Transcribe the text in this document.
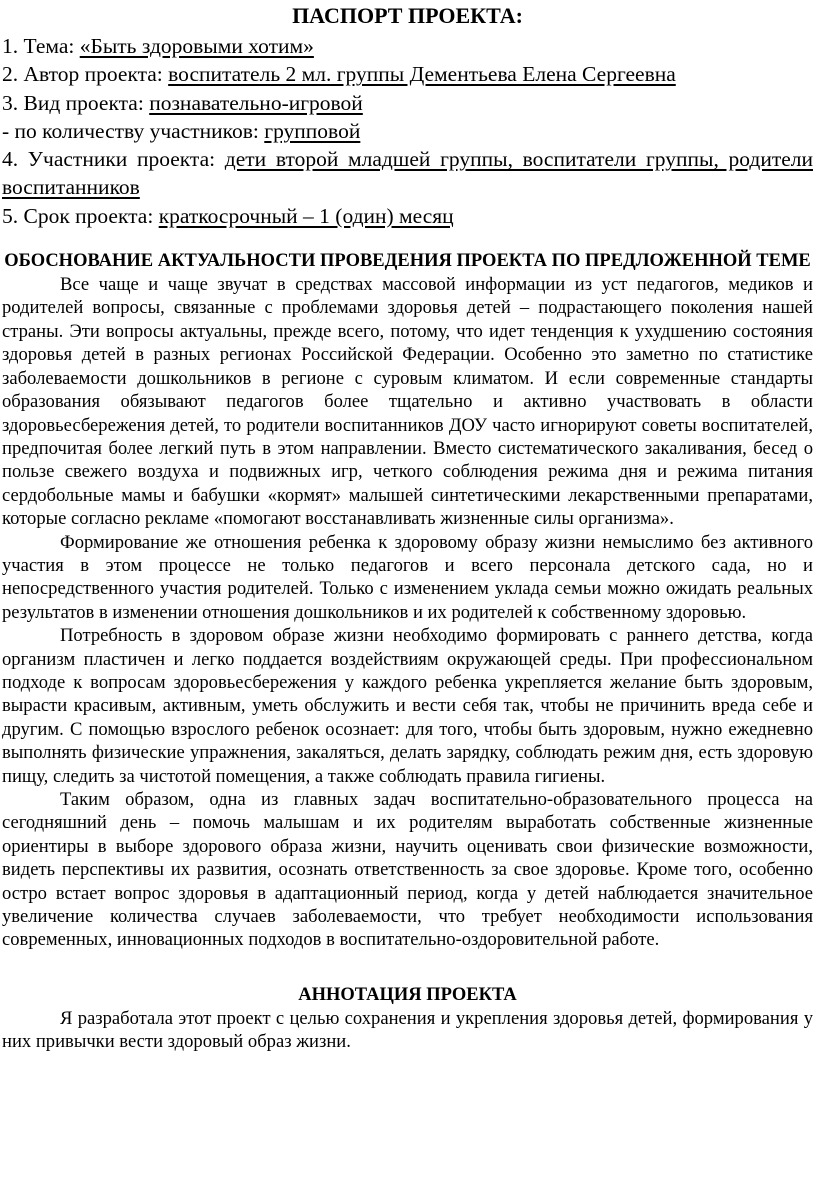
ПАСПОРТ ПРОЕКТА:

1. Тема: «Быть здоровыми хотим»

2. Автор проекта: воспитатель 2 мл. группы Дементьева Елена Сергеевна

3. Вид проекта: познавательно-игровой

- по количеству участников: групповой

4. Участники проекта: дети второй младшей группы, воспитатели группы, родители воспитанников

5. Срок проекта: краткосрочный – 1 (один) месяц

ОБОСНОВАНИЕ АКТУАЛЬНОСТИ ПРОВЕДЕНИЯ ПРОЕКТА ПО ПРЕДЛОЖЕННОЙ ТЕМЕ

Все чаще и чаще звучат в средствах массовой информации из уст педагогов, медиков и родителей вопросы, связанные с проблемами здоровья детей – подрастающего поколения нашей страны. Эти вопросы актуальны, прежде всего, потому, что идет тенденция к ухудшению состояния здоровья детей в разных регионах Российской Федерации. Особенно это заметно по статистике заболеваемости дошкольников в регионе с суровым климатом. И если современные стандарты образования обязывают педагогов более тщательно и активно участвовать в области здоровьесбережения детей, то родители воспитанников ДОУ часто игнорируют советы воспитателей, предпочитая более легкий путь в этом направлении. Вместо систематического закаливания, бесед о пользе свежего воздуха и подвижных игр, четкого соблюдения режима дня и режима питания сердобольные мамы и бабушки «кормят» малышей синтетическими лекарственными препаратами, которые согласно рекламе «помогают восстанавливать жизненные силы организма».

Формирование же отношения ребенка к здоровому образу жизни немыслимо без активного участия в этом процессе не только педагогов и всего персонала детского сада, но и непосредственного участия родителей. Только с изменением уклада семьи можно ожидать реальных результатов в изменении отношения дошкольников и их родителей к собственному здоровью.

Потребность в здоровом образе жизни необходимо формировать с раннего детства, когда организм пластичен и легко поддается воздействиям окружающей среды. При профессиональном подходе к вопросам здоровьесбережения у каждого ребенка укрепляется желание быть здоровым, вырасти красивым, активным, уметь обслужить и вести себя так, чтобы не причинить вреда себе и другим. С помощью взрослого ребенок осознает: для того, чтобы быть здоровым, нужно ежедневно выполнять физические упражнения, закаляться, делать зарядку, соблюдать режим дня, есть здоровую пищу, следить за чистотой помещения, а также соблюдать правила гигиены.

Таким образом, одна из главных задач воспитательно-образовательного процесса на сегодняшний день – помочь малышам и их родителям выработать собственные жизненные ориентиры в выборе здорового образа жизни, научить оценивать свои физические возможности, видеть перспективы их развития, осознать ответственность за свое здоровье. Кроме того, особенно остро встает вопрос здоровья в адаптационный период, когда у детей наблюдается значительное увеличение количества случаев заболеваемости, что требует необходимости использования современных, инновационных подходов в воспитательно-оздоровительной работе.

АННОТАЦИЯ ПРОЕКТА

Я разработала этот проект с целью сохранения и укрепления здоровья детей, формирования у них привычки вести здоровый образ жизни.
